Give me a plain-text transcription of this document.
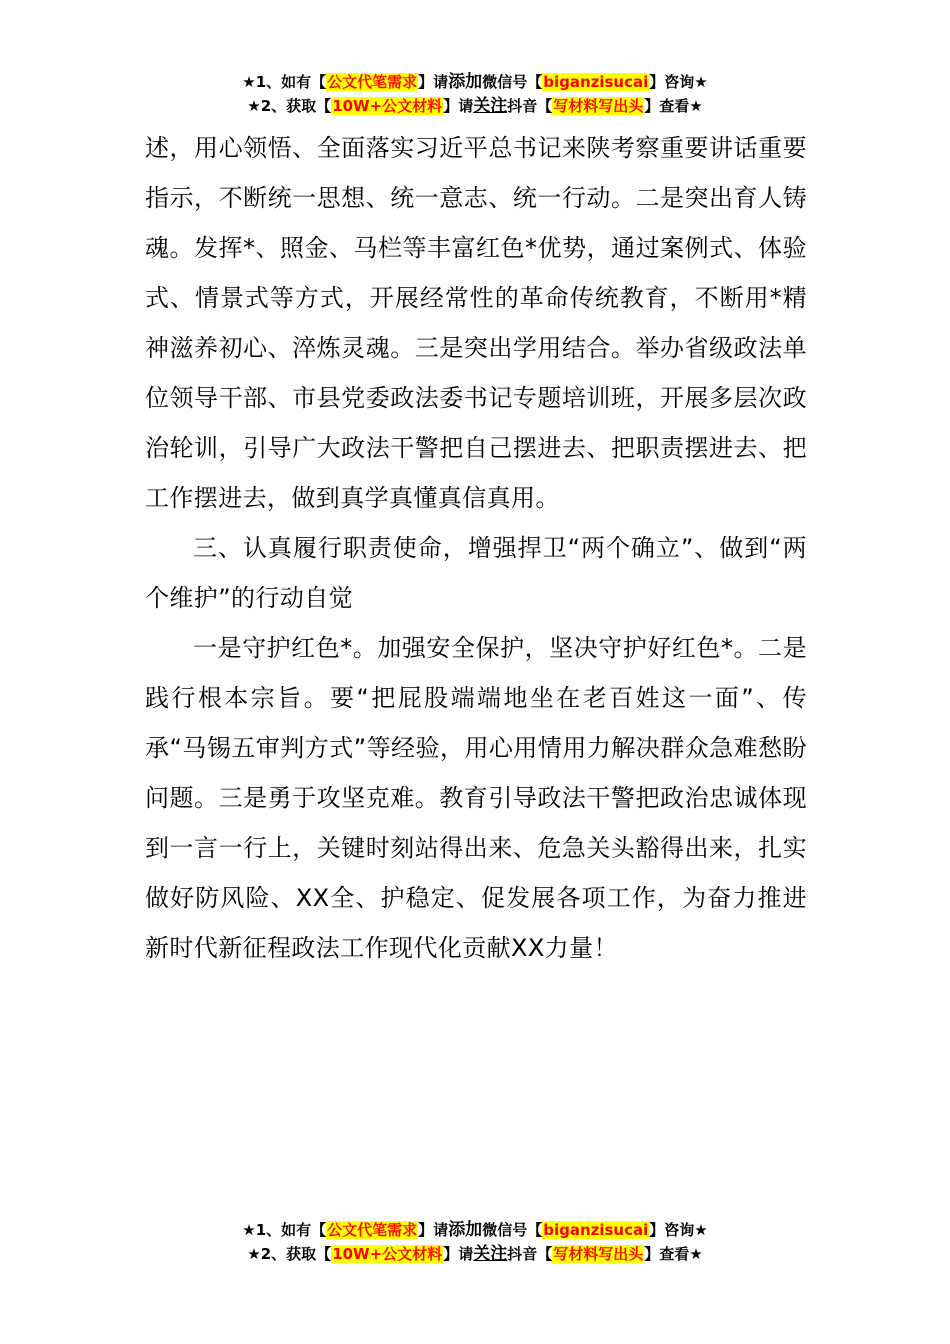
★1、如有【公文代笔需求】请添加微信号【biganzisucai】咨询★
★2、获取【10W+公文材料】请关注抖音【写材料写出头】查看★

述，用心领悟、全面落实习近平总书记来陕考察重要讲话重要指示，不断统一思想、统一意志、统一行动。二是突出育人铸魂。发挥*、照金、马栏等丰富红色*优势，通过案例式、体验式、情景式等方式，开展经常性的革命传统教育，不断用*精神滋养初心、淬炼灵魂。三是突出学用结合。举办省级政法单位领导干部、市县党委政法委书记专题培训班，开展多层次政治轮训，引导广大政法干警把自己摆进去、把职责摆进去、把工作摆进去，做到真学真懂真信真用。

三、认真履行职责使命，增强捍卫“两个确立”、做到“两个维护”的行动自觉

一是守护红色*。加强安全保护，坚决守护好红色*。二是践行根本宗旨。要“把屁股端端地坐在老百姓这一面”、传承“马锡五审判方式”等经验，用心用情用力解决群众急难愁盼问题。三是勇于攻坚克难。教育引导政法干警把政治忠诚体现到一言一行上，关键时刻站得出来、危急关头豁得出来，扎实做好防风险、XX全、护稳定、促发展各项工作，为奋力推进新时代新征程政法工作现代化贡献XX力量！

★1、如有【公文代笔需求】请添加微信号【biganzisucai】咨询★
★2、获取【10W+公文材料】请关注抖音【写材料写出头】查看★
